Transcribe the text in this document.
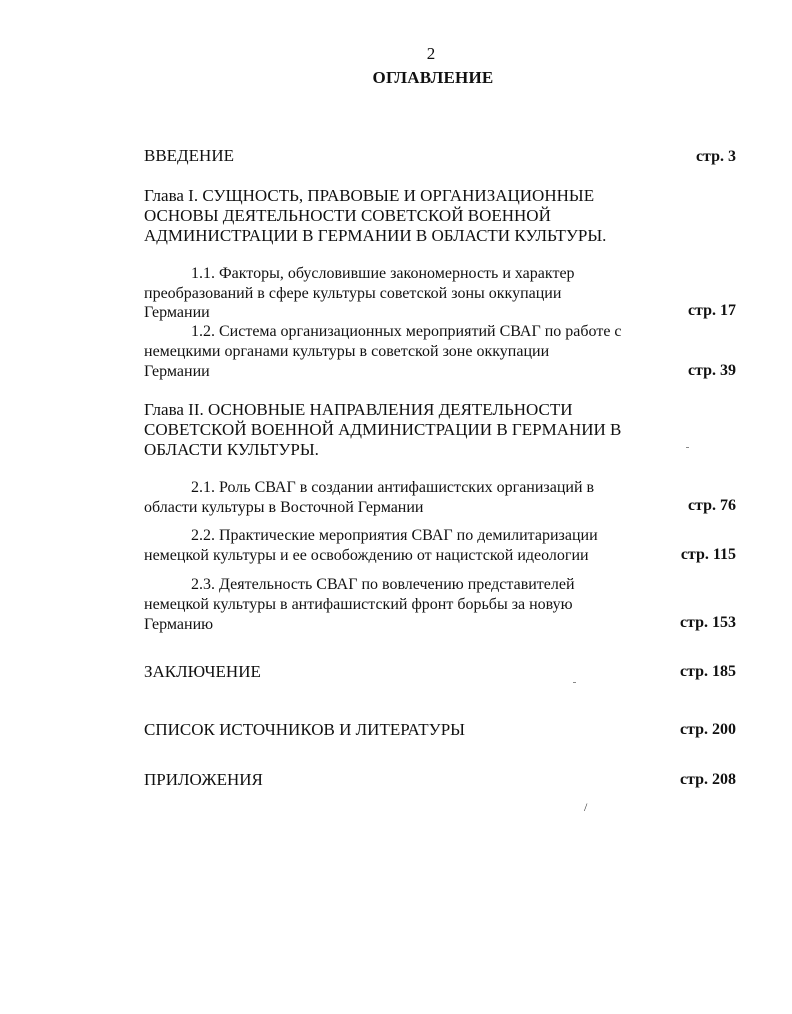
2
ОГЛАВЛЕНИЕ
ВВЕДЕНИЕ	стр. 3
Глава I. СУЩНОСТЬ, ПРАВОВЫЕ И ОРГАНИЗАЦИОННЫЕ
ОСНОВЫ ДЕЯТЕЛЬНОСТИ СОВЕТСКОЙ ВОЕННОЙ
АДМИНИСТРАЦИИ В ГЕРМАНИИ В ОБЛАСТИ КУЛЬТУРЫ.
1.1. Факторы, обусловившие закономерность и характер
преобразований в сфере культуры советской зоны оккупации
Германии	стр. 17
1.2. Система организационных мероприятий СВАГ по работе с
немецкими органами культуры в советской зоне оккупации
Германии	стр. 39
Глава II. ОСНОВНЫЕ НАПРАВЛЕНИЯ ДЕЯТЕЛЬНОСТИ
СОВЕТСКОЙ ВОЕННОЙ АДМИНИСТРАЦИИ В ГЕРМАНИИ В
ОБЛАСТИ КУЛЬТУРЫ.
2.1. Роль СВАГ в создании антифашистских организаций в
области культуры в Восточной Германии	стр. 76
2.2. Практические мероприятия СВАГ по демилитаризации
немецкой культуры и ее освобождению от нацистской идеологии	стр. 115
2.3. Деятельность СВАГ по вовлечению представителей
немецкой культуры в антифашистский фронт борьбы за новую
Германию	стр. 153
ЗАКЛЮЧЕНИЕ	стр. 185
СПИСОК ИСТОЧНИКОВ И ЛИТЕРАТУРЫ	стр. 200
ПРИЛОЖЕНИЯ	стр. 208
/
